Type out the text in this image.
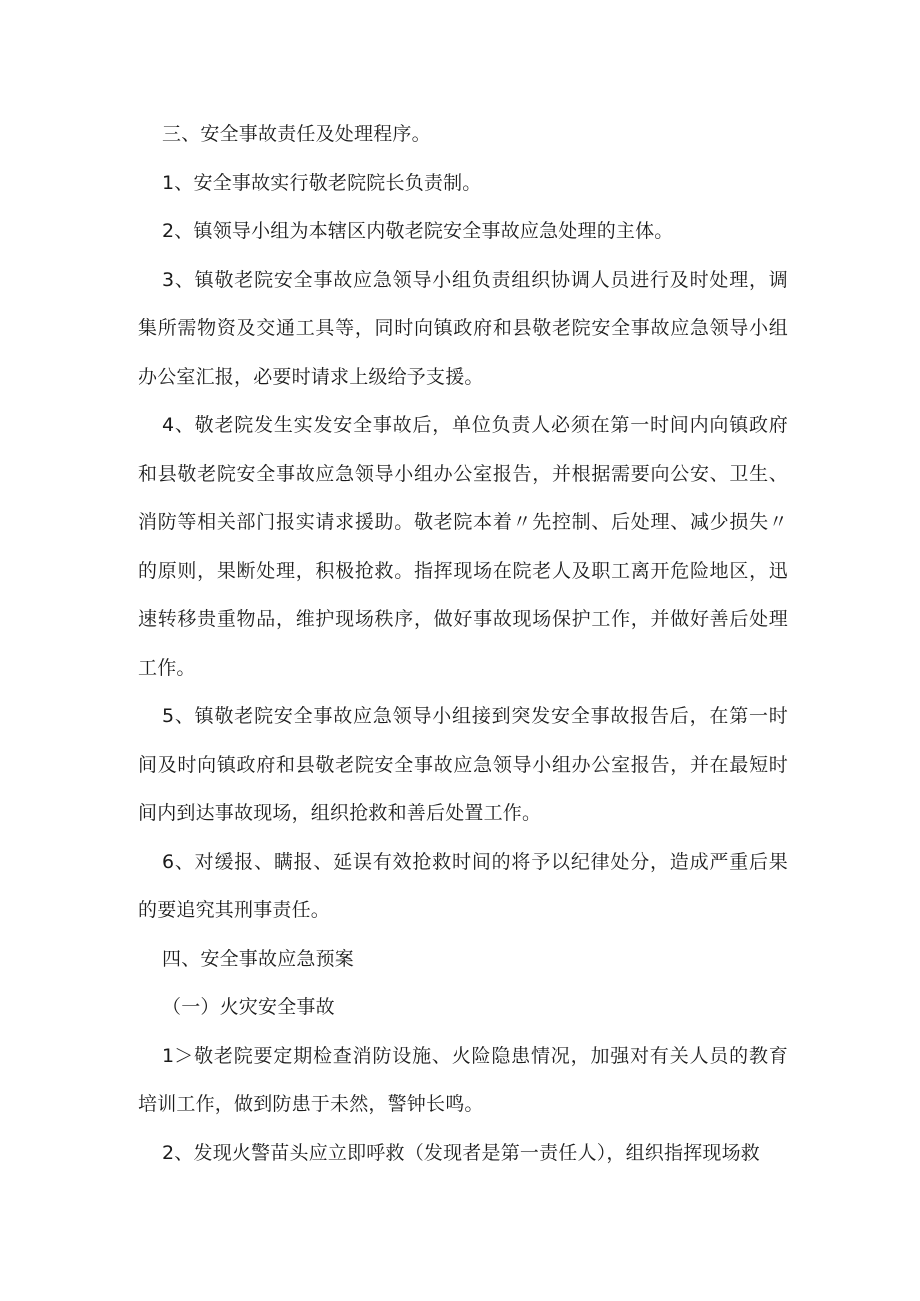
三、安全事故责任及处理程序。

1、安全事故实行敬老院院长负责制。

2、镇领导小组为本辖区内敬老院安全事故应急处理的主体。

3、镇敬老院安全事故应急领导小组负责组织协调人员进行及时处理，调集所需物资及交通工具等，同时向镇政府和县敬老院安全事故应急领导小组办公室汇报，必要时请求上级给予支援。

4、敬老院发生实发安全事故后，单位负责人必须在第一时间内向镇政府和县敬老院安全事故应急领导小组办公室报告，并根据需要向公安、卫生、消防等相关部门报实请求援助。敬老院本着〃先控制、后处理、减少损失〃的原则，果断处理，积极抢救。指挥现场在院老人及职工离开危险地区，迅速转移贵重物品，维护现场秩序，做好事故现场保护工作，并做好善后处理工作。

5、镇敬老院安全事故应急领导小组接到突发安全事故报告后，在第一时间及时向镇政府和县敬老院安全事故应急领导小组办公室报告，并在最短时间内到达事故现场，组织抢救和善后处置工作。

6、对缓报、瞒报、延误有效抢救时间的将予以纪律处分，造成严重后果的要追究其刑事责任。

四、安全事故应急预案

（一）火灾安全事故

1＞敬老院要定期检查消防设施、火险隐患情况，加强对有关人员的教育培训工作，做到防患于未然，警钟长鸣。

2、发现火警苗头应立即呼救（发现者是第一责任人），组织指挥现场救
